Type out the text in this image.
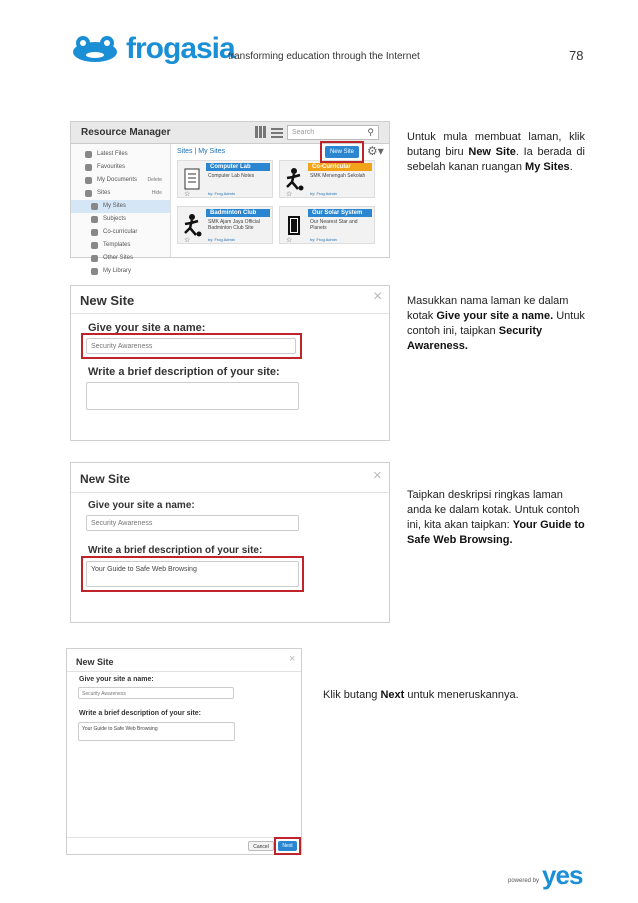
frogasia
transforming education through the Internet	78
Resource Manager	Search	⚲
Latest Files
Favourites
My Documents Delete
Sites	Hide
My Sites
Subjects
Co-curricular
Templates
Other Sites
My Library
Sites | My Sites
Computer Lab
Computer Lab Notes
by: Frog Admin
☆
Co-Curricular
SMK Menengah Sekolah
by: Frog Admin
☆
Badminton Club
SMK Ajam Jaya Official Badminton Club Site
by: Frog Admin
☆
Our Solar System
Our Nearest Star and Planets
by: Frog Admin
☆
New Site	⚙▾
Untuk mula membuat laman, klik butang biru New Site. Ia berada di sebelah kanan ruangan My Sites.
New Site	×
Give your site a name:
Security Awareness
Write a brief description of your site:
Masukkan nama laman ke dalam kotak Give your site a name. Untuk contoh ini, taipkan Security Awareness.
New Site	×
Give your site a name:
Security Awareness
Write a brief description of your site:
Your Guide to Safe Web Browsing
Taipkan deskripsi ringkas laman anda ke dalam kotak. Untuk contoh ini, kita akan taipkan: Your Guide to Safe Web Browsing.
New Site	×
Give your site a name:
Security Awareness
Write a brief description of your site:
Your Guide to Safe Web Browsing
Cancel	Next
Klik butang Next untuk meneruskannya.
powered by yes
